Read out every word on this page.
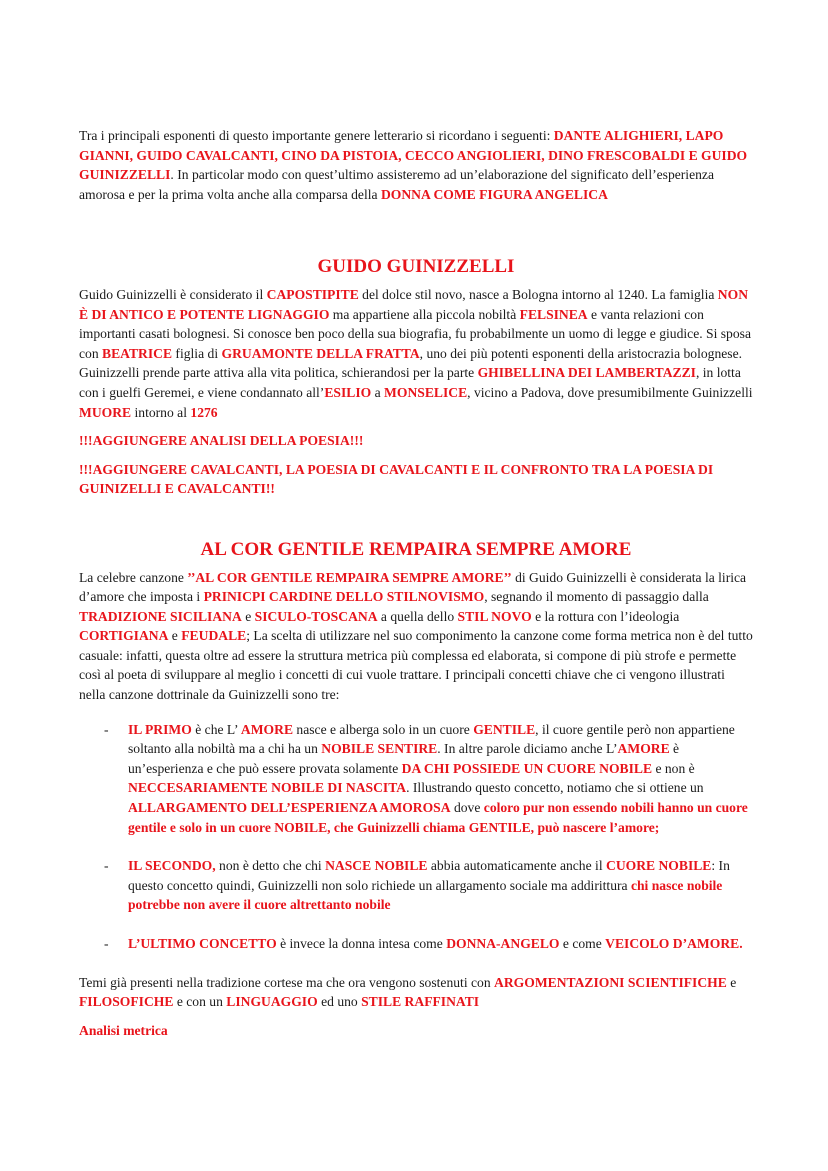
Tra i principali esponenti di questo importante genere letterario si ricordano i seguenti: DANTE ALIGHIERI, LAPO GIANNI, GUIDO CAVALCANTI, CINO DA PISTOIA, CECCO ANGIOLIERI, DINO FRESCOBALDI E GUIDO GUINIZZELLI. In particolar modo con quest’ultimo assisteremo ad un’elaborazione del significato dell’esperienza amorosa e per la prima volta anche alla comparsa della DONNA COME FIGURA ANGELICA

GUIDO GUINIZZELLI

Guido Guinizzelli è considerato il CAPOSTIPITE del dolce stil novo, nasce a Bologna intorno al 1240. La famiglia NON È DI ANTICO E POTENTE LIGNAGGIO ma appartiene alla piccola nobiltà FELSINEA e vanta relazioni con importanti casati bolognesi. Si conosce ben poco della sua biografia, fu probabilmente un uomo di legge e giudice. Si sposa con BEATRICE figlia di GRUAMONTE DELLA FRATTA, uno dei più potenti esponenti della aristocrazia bolognese. Guinizzelli prende parte attiva alla vita politica, schierandosi per la parte GHIBELLINA DEI LAMBERTAZZI, in lotta con i guelfi Geremei, e viene condannato all’ESILIO a MONSELICE, vicino a Padova, dove presumibilmente Guinizzelli MUORE intorno al 1276

!!!AGGIUNGERE ANALISI DELLA POESIA!!!

!!!AGGIUNGERE CAVALCANTI, LA POESIA DI CAVALCANTI E IL CONFRONTO TRA LA POESIA DI GUINIZELLI E CAVALCANTI!!

AL COR GENTILE REMPAIRA SEMPRE AMORE

La celebre canzone ’’AL COR GENTILE REMPAIRA SEMPRE AMORE’’ di Guido Guinizzelli è considerata la lirica d’amore che imposta i PRINICPI CARDINE DELLO STILNOVISMO, segnando il momento di passaggio dalla TRADIZIONE SICILIANA e SICULO-TOSCANA a quella dello STIL NOVO e la rottura con l’ideologia CORTIGIANA e FEUDALE; La scelta di utilizzare nel suo componimento la canzone come forma metrica non è del tutto casuale: infatti, questa oltre ad essere la struttura metrica più complessa ed elaborata, si compone di più strofe e permette così al poeta di sviluppare al meglio i concetti di cui vuole trattare. I principali concetti chiave che ci vengono illustrati nella canzone dottrinale da Guinizzelli sono tre:

- IL PRIMO è che L’ AMORE nasce e alberga solo in un cuore GENTILE, il cuore gentile però non appartiene soltanto alla nobiltà ma a chi ha un NOBILE SENTIRE. In altre parole diciamo anche L’AMORE è un’esperienza e che può essere provata solamente DA CHI POSSIEDE UN CUORE NOBILE e non è NECCESARIAMENTE NOBILE DI NASCITA. Illustrando questo concetto, notiamo che si ottiene un ALLARGAMENTO DELL’ESPERIENZA AMOROSA dove coloro pur non essendo nobili hanno un cuore gentile e solo in un cuore NOBILE, che Guinizzelli chiama GENTILE, può nascere l’amore;
- IL SECONDO, non è detto che chi NASCE NOBILE abbia automaticamente anche il CUORE NOBILE: In questo concetto quindi, Guinizzelli non solo richiede un allargamento sociale ma addirittura chi nasce nobile potrebbe non avere il cuore altrettanto nobile
- L’ULTIMO CONCETTO è invece la donna intesa come DONNA-ANGELO e come VEICOLO D’AMORE.

Temi già presenti nella tradizione cortese ma che ora vengono sostenuti con ARGOMENTAZIONI SCIENTIFICHE e FILOSOFICHE e con un LINGUAGGIO ed uno STILE RAFFINATI

Analisi metrica
